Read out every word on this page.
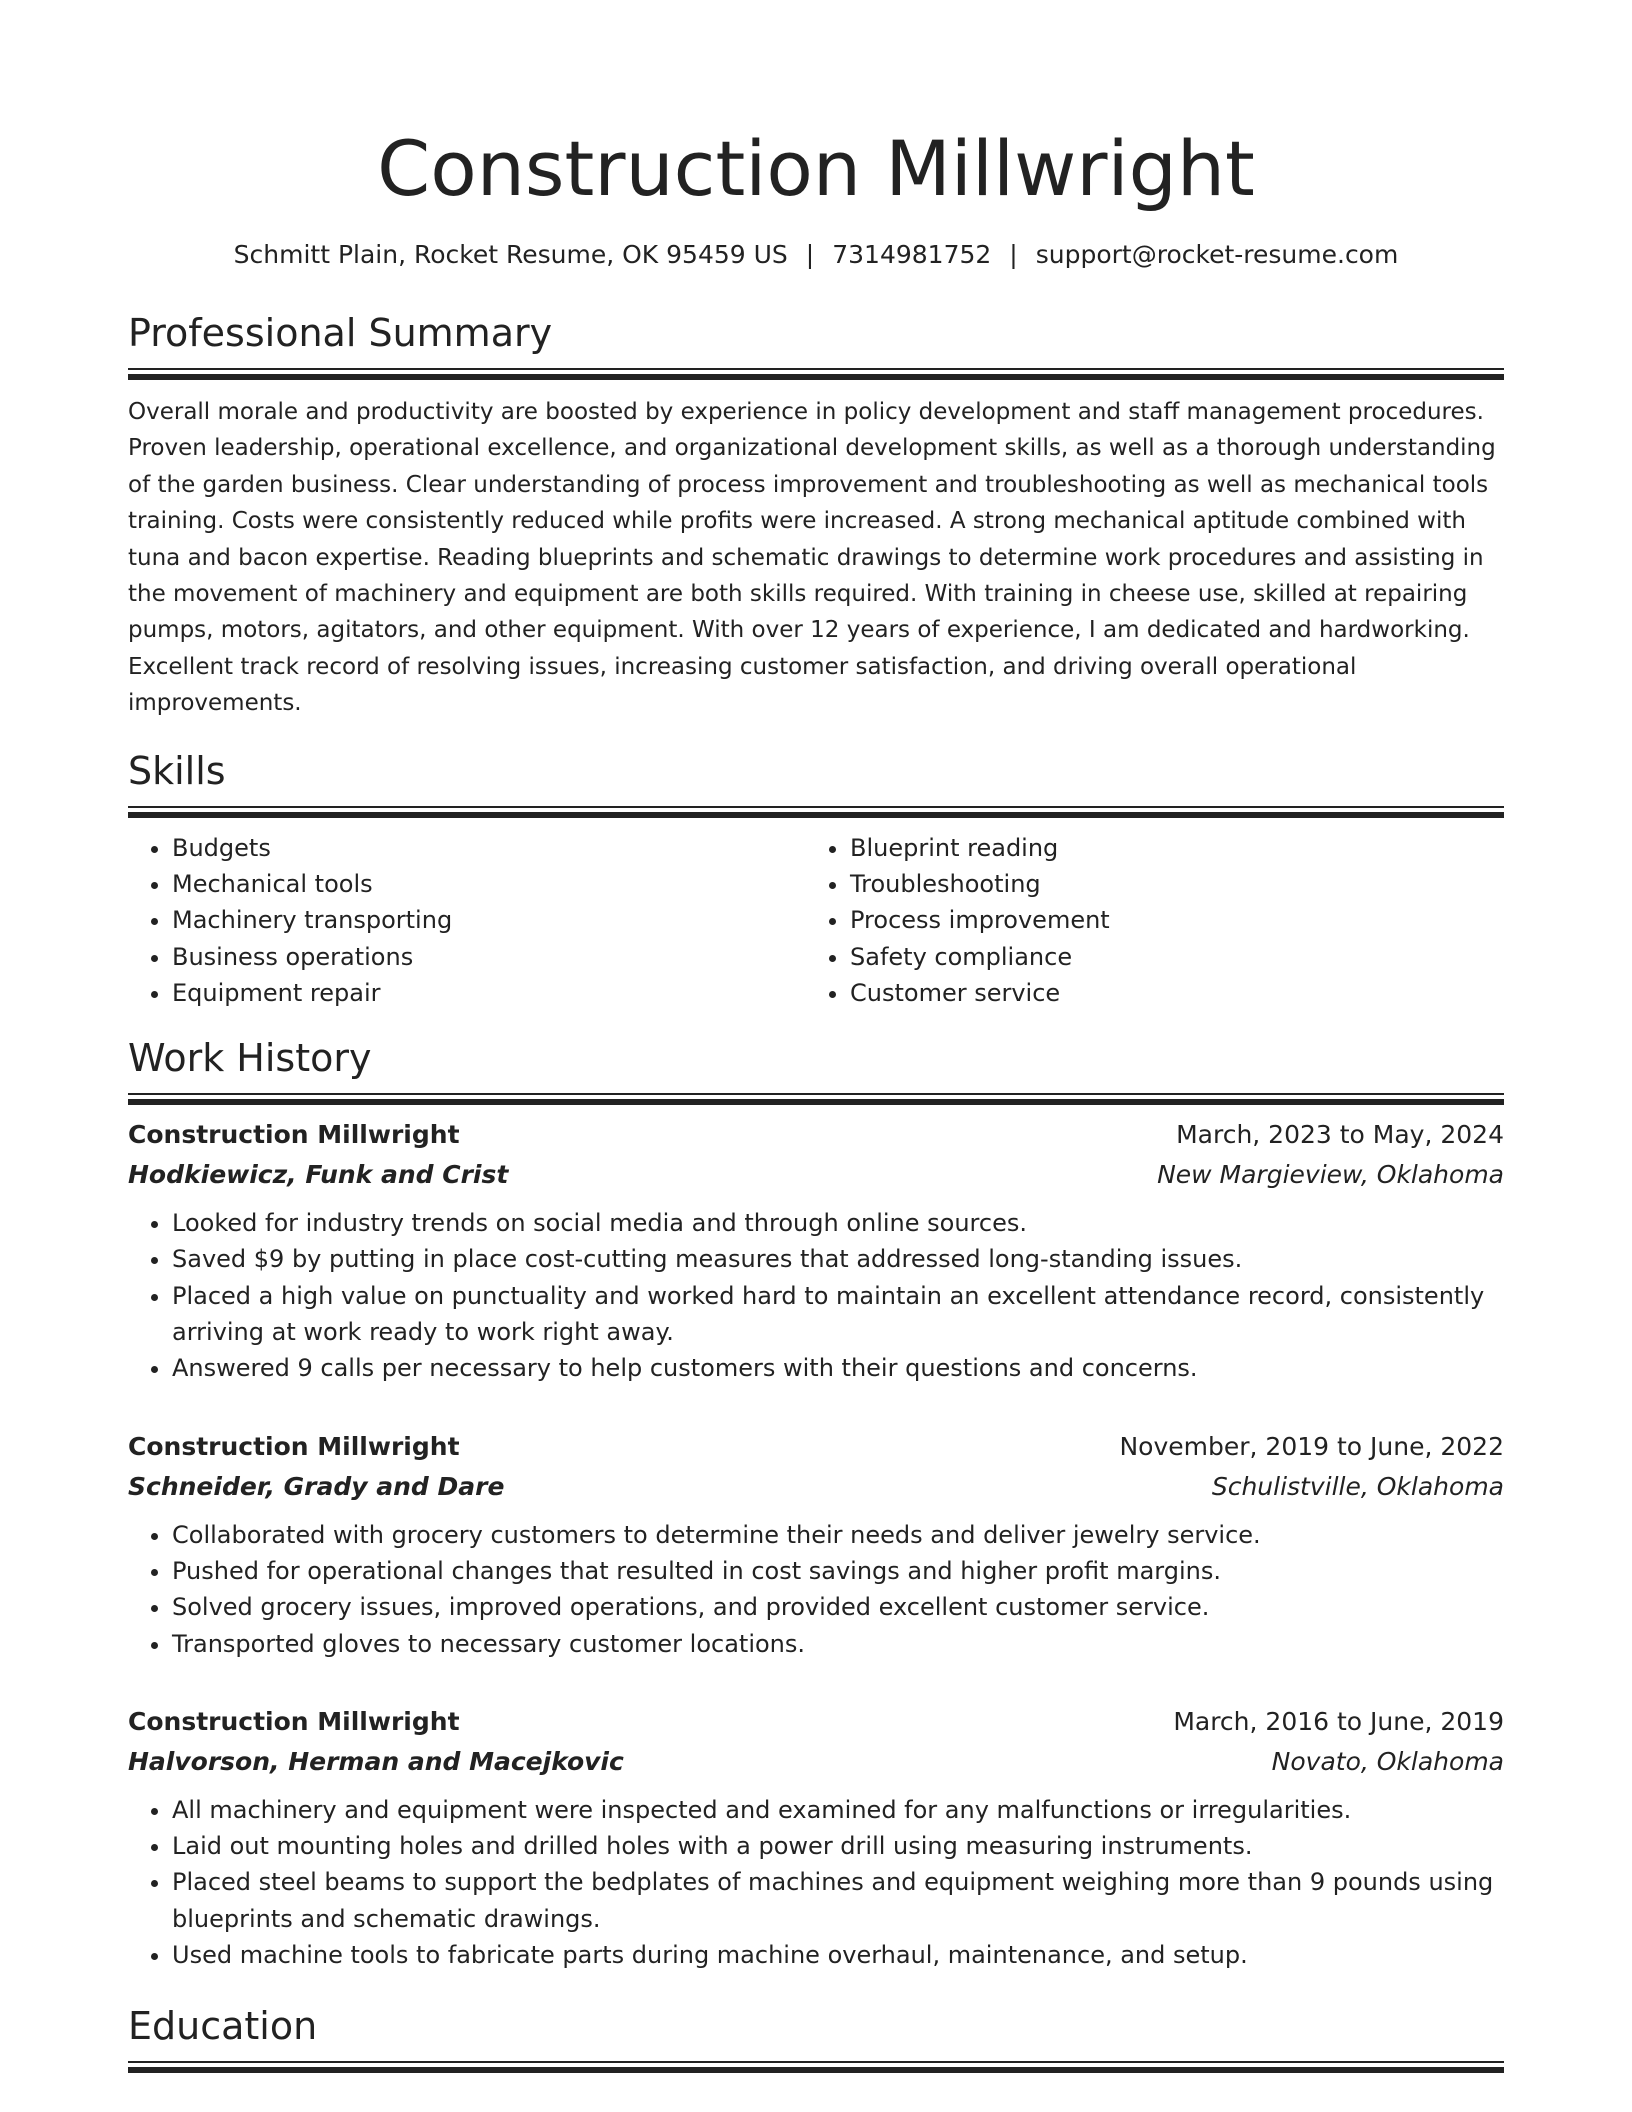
Construction Millwright
Schmitt Plain, Rocket Resume, OK 95459 US | 7314981752 | support@rocket-resume.com
Professional Summary

Overall morale and productivity are boosted by experience in policy development and staff management procedures. Proven leadership, operational excellence, and organizational development skills, as well as a thorough understanding of the garden business. Clear understanding of process improvement and troubleshooting as well as mechanical tools training. Costs were consistently reduced while profits were increased. A strong mechanical aptitude combined with tuna and bacon expertise. Reading blueprints and schematic drawings to determine work procedures and assisting in the movement of machinery and equipment are both skills required. With training in cheese use, skilled at repairing pumps, motors, agitators, and other equipment. With over 12 years of experience, I am dedicated and hardworking. Excellent track record of resolving issues, increasing customer satisfaction, and driving overall operational improvements.

Skills
• Budgets
• Mechanical tools
• Machinery transporting
• Business operations
• Equipment repair
• Blueprint reading
• Troubleshooting
• Process improvement
• Safety compliance
• Customer service
Work History
Construction Millwright	March, 2023 to May, 2024
Hodkiewicz, Funk and Crist	New Margieview, Oklahoma
• Looked for industry trends on social media and through online sources.
• Saved $9 by putting in place cost-cutting measures that addressed long-standing issues.
• Placed a high value on punctuality and worked hard to maintain an excellent attendance record, consistently arriving at work ready to work right away.
• Answered 9 calls per necessary to help customers with their questions and concerns.
Construction Millwright	November, 2019 to June, 2022
Schneider, Grady and Dare	Schulistville, Oklahoma
• Collaborated with grocery customers to determine their needs and deliver jewelry service.
• Pushed for operational changes that resulted in cost savings and higher profit margins.
• Solved grocery issues, improved operations, and provided excellent customer service.
• Transported gloves to necessary customer locations.
Construction Millwright	March, 2016 to June, 2019
Halvorson, Herman and Macejkovic	Novato, Oklahoma
• All machinery and equipment were inspected and examined for any malfunctions or irregularities.
• Laid out mounting holes and drilled holes with a power drill using measuring instruments.
• Placed steel beams to support the bedplates of machines and equipment weighing more than 9 pounds using blueprints and schematic drawings.
• Used machine tools to fabricate parts during machine overhaul, maintenance, and setup.
Education
